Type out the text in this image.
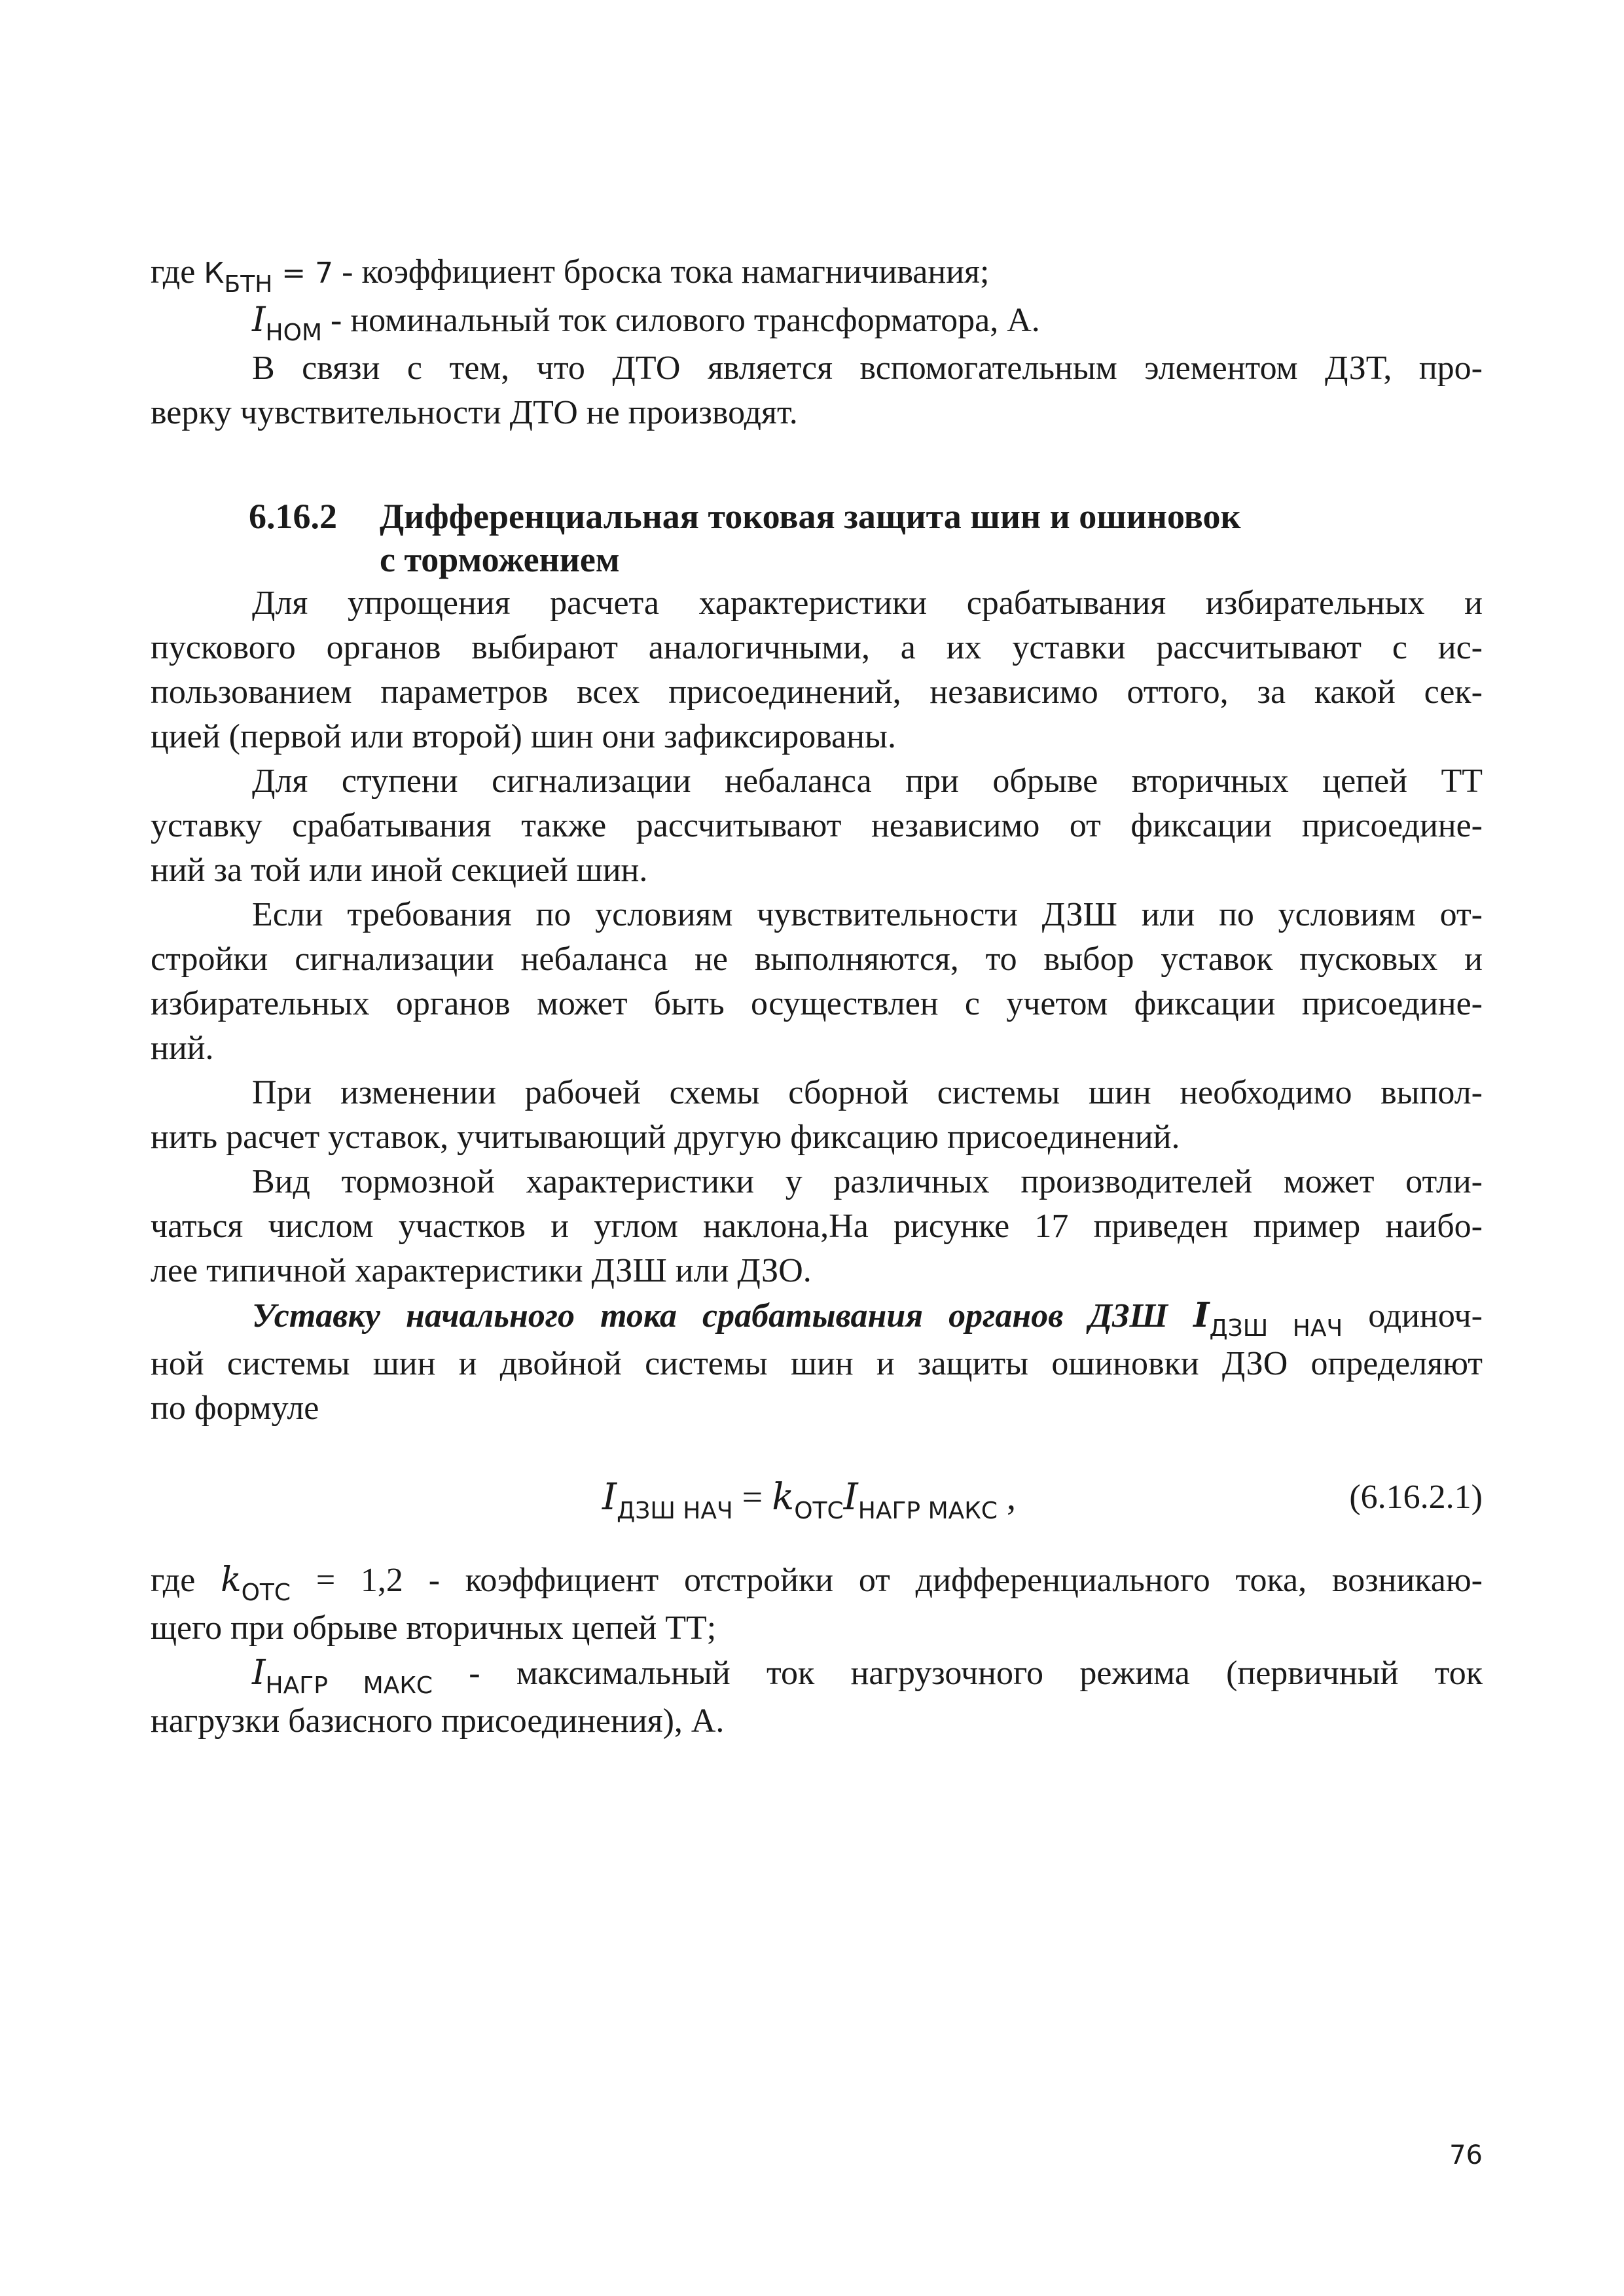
где $К_{БТН} = 7$ - коэффициент броска тока намагничивания;
$I_{НОМ}$ - номинальный ток силового трансформатора, А.
В связи с тем, что ДТО является вспомогательным элементом ДЗТ, про-
верку чувствительности ДТО не производят.
6.16.2 Дифференциальная токовая защита шин и ошиновок
с торможением
Для упрощения расчета характеристики срабатывания избирательных и
пускового органов выбирают аналогичными, а их уставки рассчитывают с ис-
пользованием параметров всех присоединений, независимо оттого, за какой сек-
цией (первой или второй) шин они зафиксированы.
Для ступени сигнализации небаланса при обрыве вторичных цепей ТТ
уставку срабатывания также рассчитывают независимо от фиксации присоедине-
ний за той или иной секцией шин.
Если требования по условиям чувствительности ДЗШ или по условиям от-
стройки сигнализации небаланса не выполняются, то выбор уставок пусковых и
избирательных органов может быть осуществлен с учетом фиксации присоедине-
ний.
При изменении рабочей схемы сборной системы шин необходимо выпол-
нить расчет уставок, учитывающий другую фиксацию присоединений.
Вид тормозной характеристики у различных производителей может отли-
чаться числом участков и углом наклона,На рисунке 17 приведен пример наибо-
лее типичной характеристики ДЗШ или ДЗО.
Уставку начального тока срабатывания органов ДЗШ $I_{ДЗШ НАЧ}$ одиноч-
ной системы шин и двойной системы шин и защиты ошиновки ДЗО определяют
по формуле
$I_{ДЗШ НАЧ} = k_{ОТС}I_{НАГР МАКС}$ ,	(6.16.2.1)
где $k_{ОТС} = 1,2$ - коэффициент отстройки от дифференциального тока, возникаю-
щего при обрыве вторичных цепей ТТ;
$I_{НАГР МАКС}$ - максимальный ток нагрузочного режима (первичный ток
нагрузки базисного присоединения), А.
76
